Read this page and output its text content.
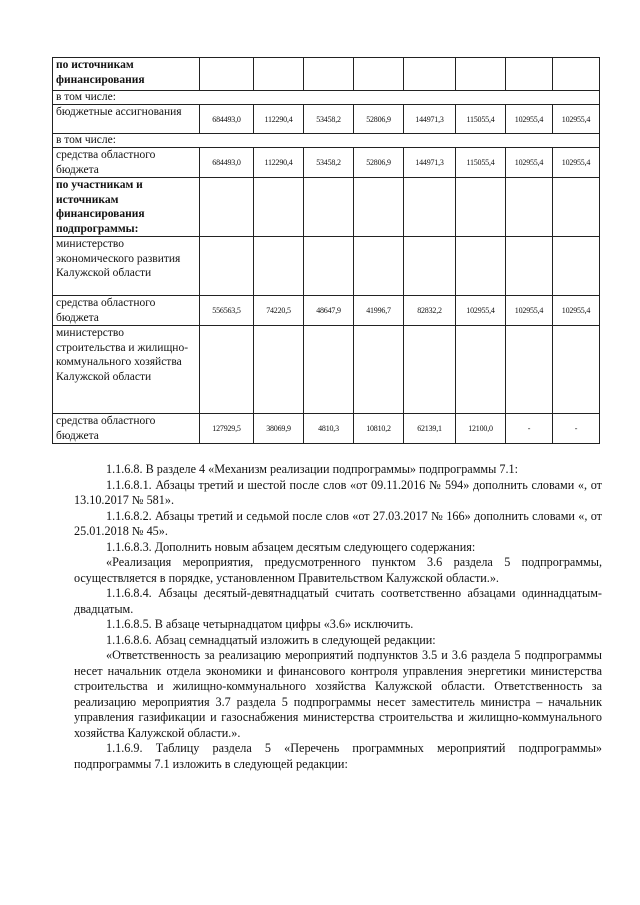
по источникам финансирования								
в том числе:								
бюджетные ассигнования	684493,0	112290,4	53458,2	52806,9	144971,3	115055,4	102955,4	102955,4
в том числе:								
средства областного бюджета	684493,0	112290,4	53458,2	52806,9	144971,3	115055,4	102955,4	102955,4
по участникам и источникам финансирования подпрограммы:								
министерство экономического развития Калужской области								
средства областного бюджета	556563,5	74220,5	48647,9	41996,7	82832,2	102955,4	102955,4	102955,4
министерство строительства и жилищно-коммунального хозяйства Калужской области								
средства областного бюджета	127929,5	38069,9	4810,3	10810,2	62139,1	12100,0	-	-

1.1.6.8. В разделе 4 «Механизм реализации подпрограммы» подпрограммы 7.1:

1.1.6.8.1. Абзацы третий и шестой после слов «от 09.11.2016 № 594» дополнить словами «, от 13.10.2017 № 581».

1.1.6.8.2. Абзацы третий и седьмой после слов «от 27.03.2017 № 166» дополнить словами «, от 25.01.2018 № 45».

1.1.6.8.3. Дополнить новым абзацем десятым следующего содержания:

«Реализация мероприятия, предусмотренного пунктом 3.6 раздела 5 подпрограммы, осуществляется в порядке, установленном Правительством Калужской области.».

1.1.6.8.4. Абзацы десятый-девятнадцатый считать соответственно абзацами одиннадцатым-двадцатым.

1.1.6.8.5. В абзаце четырнадцатом цифры «3.6» исключить.

1.1.6.8.6. Абзац семнадцатый изложить в следующей редакции:

«Ответственность за реализацию мероприятий подпунктов 3.5 и 3.6 раздела 5 подпрограммы несет начальник отдела экономики и финансового контроля управления энергетики министерства строительства и жилищно-коммунального хозяйства Калужской области. Ответственность за реализацию мероприятия 3.7 раздела 5 подпрограммы несет заместитель министра – начальник управления газификации и газоснабжения министерства строительства и жилищно-коммунального хозяйства Калужской области.».

1.1.6.9. Таблицу раздела 5 «Перечень программных мероприятий подпрограммы» подпрограммы 7.1 изложить в следующей редакции:
